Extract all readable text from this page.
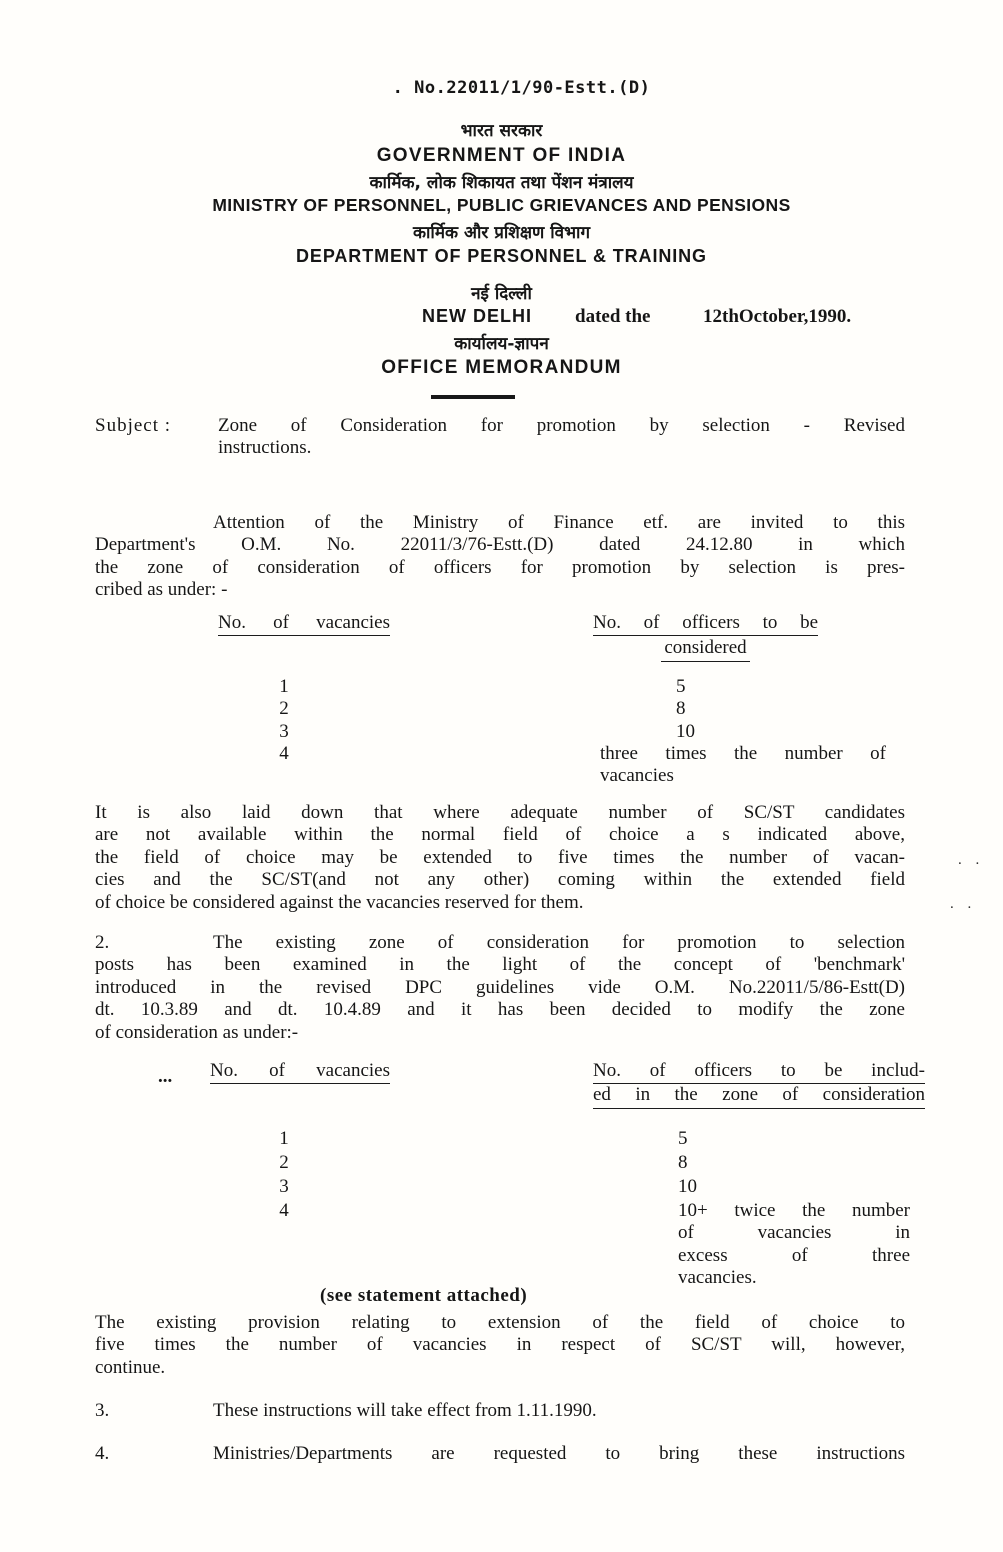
. No.22011/1/90-Estt.(D)
भारत सरकार
GOVERNMENT OF INDIA
कार्मिक, लोक शिकायत तथा पेंशन मंत्रालय
MINISTRY OF PERSONNEL, PUBLIC GRIEVANCES AND PENSIONS
कार्मिक और प्रशिक्षण विभाग
DEPARTMENT OF PERSONNEL & TRAINING
नई दिल्ली
NEW DELHI dated the	12thOctober,1990.
कार्यालय-ज्ञापन
OFFICE MEMORANDUM
Subject : Zone of Consideration for promotion by selection - Revised
instructions.
Attention of the Ministry of Finance etf. are invited to this
Department's O.M. No. 22011/3/76-Estt.(D) dated 24.12.80 in which
the zone of consideration of officers for promotion by selection is pres-
cribed as under: -
No. of vacancies	No. of officers to be
considered
1	5
2	8
3	10
4	three times the number of
vacancies
It is also laid down that where adequate number of SC/ST candidates
are not available within the normal field of choice a s indicated above,
the field of choice may be extended to five times the number of vacan-
cies and the SC/ST(and not any other) coming within the extended field
of choice be considered against the vacancies reserved for them.
2.	The existing zone of consideration for promotion to selection
posts has been examined in the light of the concept of 'benchmark'
introduced in the revised DPC guidelines vide O.M. No.22011/5/86-Estt(D)
dt. 10.3.89 and dt. 10.4.89 and it has been decided to modify the zone
of consideration as under:-
... No. of vacancies	No. of officers to be includ-
ed in the zone of consideration
1	5
2	8
3	10
4	10+ twice the number
of vacancies in
excess of three
vacancies.
(see statement attached)
The existing provision relating to extension of the field of choice to
five times the number of vacancies in respect of SC/ST will, however,
continue.
3.	These instructions will take effect from 1.11.1990.
4.	Ministries/Departments are requested to bring these instructions
. .
. .
